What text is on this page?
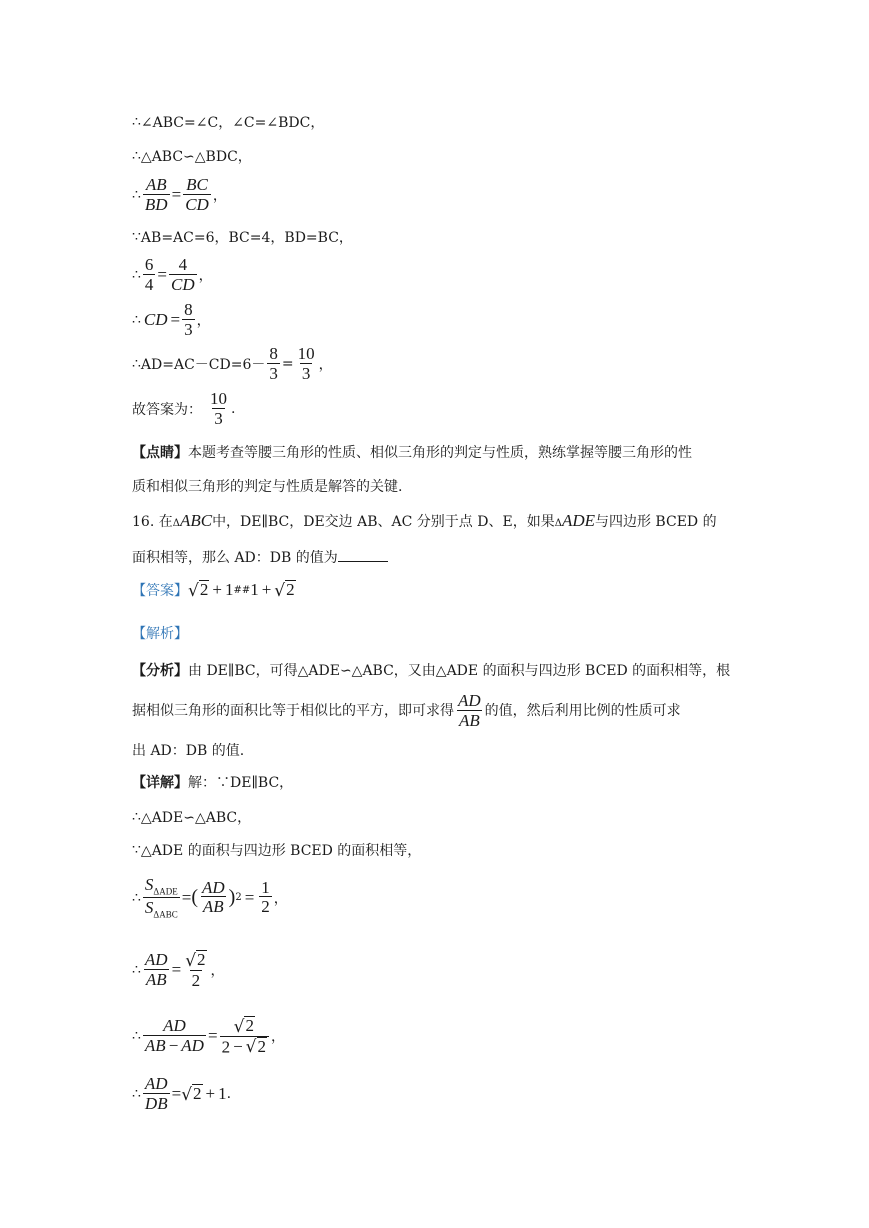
∴ ∠ABC=∠C，∠C=∠BDC，
∴ △ABC∽△BDC，
∴ $\frac{AB}{BD} = \frac{BC}{CD}$ ，
∵ AB=AC=6，BC=4，BD=BC，
∴ $\frac{6}{4} = \frac{4}{CD}$ ，
∴ CD = $\frac{8}{3}$ ，
∴ $AD=AC-CD=6- \frac{8}{3} = \frac{10}{3}$ ，
故答案为： $\frac{10}{3}$ .
【点睛】本题考查等腰三角形的性质、相似三角形的判定与性质，熟练掌握等腰三角形的性
质和相似三角形的判定与性质是解答的关键.
16. 在ΔABC中，DE∥BC，DE交边 AB、AC 分别于点 D、E，如果ΔADE与四边形 BCED 的
面积相等，那么 AD：DB 的值为
【答案】 √ 2 + 1 ## 1 + √ 2
【解析】
【分析】由 DE∥BC，可得△ADE∽△ABC，又由△ADE 的面积与四边形 BCED 的面积相等，根
据相似三角形的面积比等于相似比的平方，即可求得 $\frac{AD}{AB}$ 的值，然后利用比例的性质可求
出 AD：DB 的值.
【详解】 解：∵DE∥BC，
∴ △ADE∽△ABC，
∵ △ADE 的面积与四边形 BCED 的面积相等，
∴ $\frac{S_{\Delta ADE}}{S_{\Delta ABC}}$ = ( $\frac{AD}{AB}$ ) $2 = \frac{1}{2}$ ，
∴ $\frac{AD}{AB} = \frac{√ 2}{2}$ ，
∴ $\frac{AD}{AB - AD} = \frac{√ 2}{2 - √ 2}$ ，
∴ $\frac{AD}{DB}$ = √ 2 + 1 .
